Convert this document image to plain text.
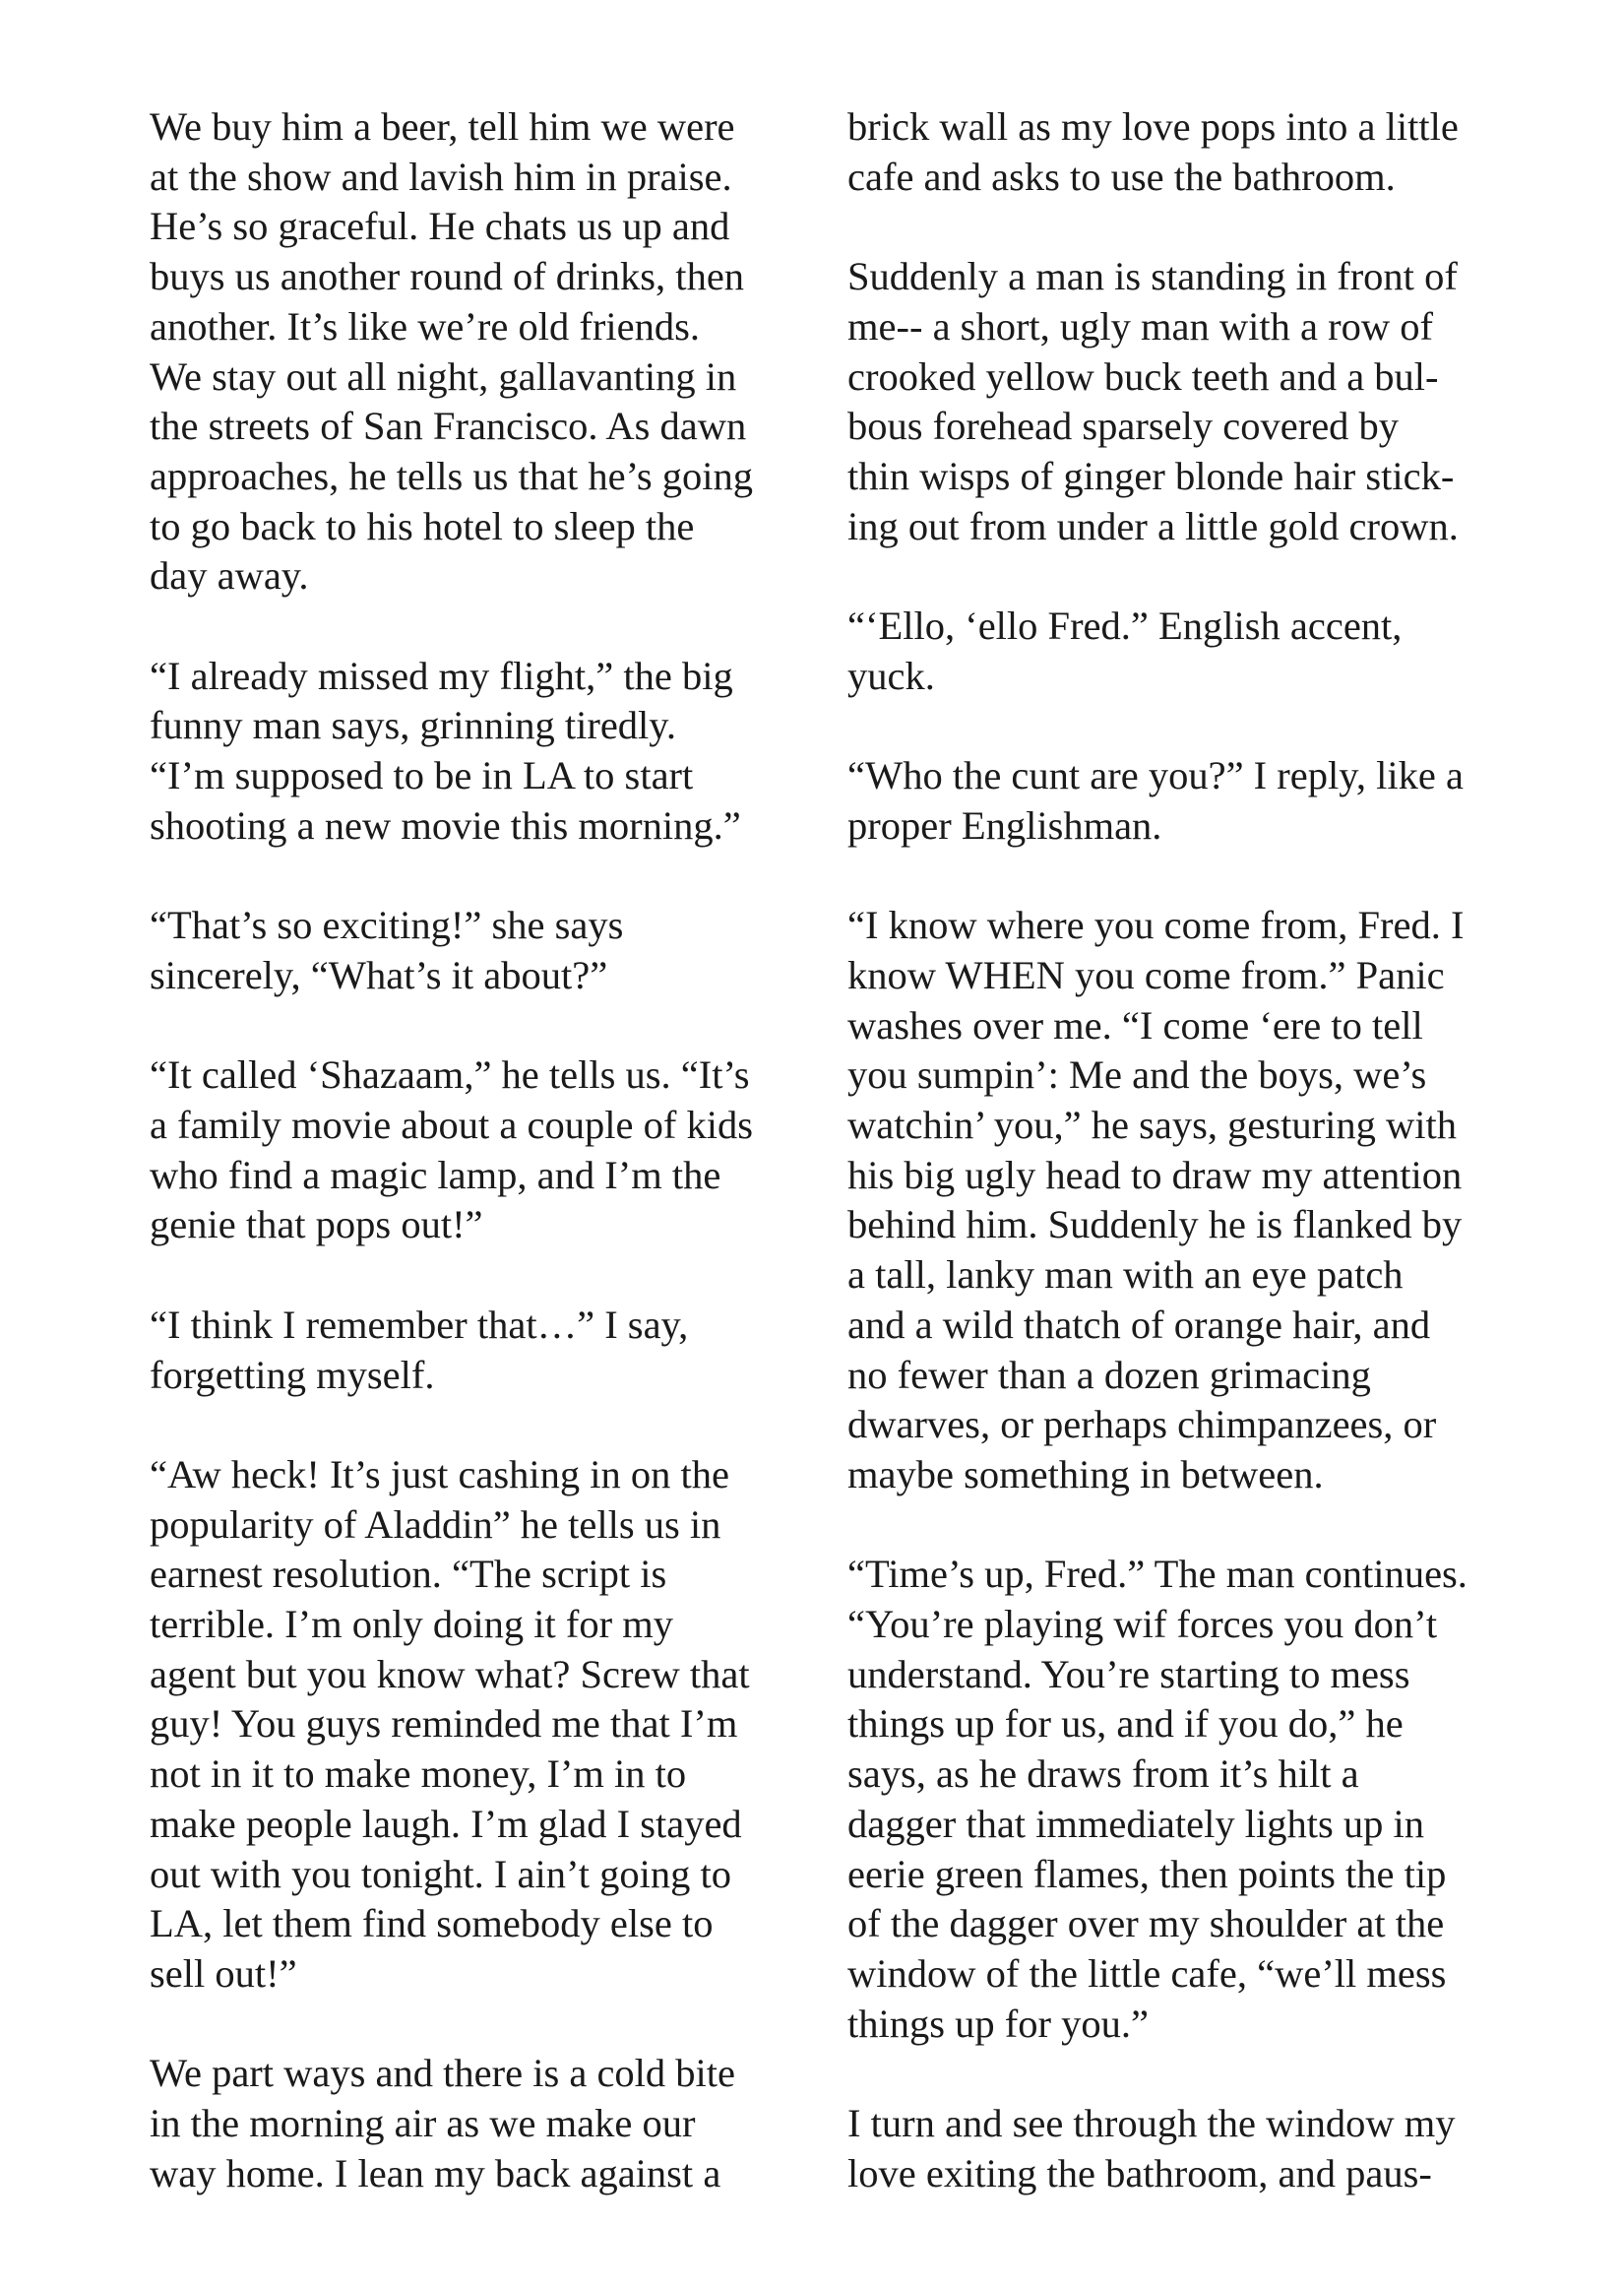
We buy him a beer, tell him we were
at the show and lavish him in praise.
He’s so graceful. He chats us up and
buys us another round of drinks, then
another. It’s like we’re old friends.
We stay out all night, gallavanting in
the streets of San Francisco. As dawn
approaches, he tells us that he’s going
to go back to his hotel to sleep the
day away.

“I already missed my flight,” the big
funny man says, grinning tiredly.
“I’m supposed to be in LA to start
shooting a new movie this morning.”

“That’s so exciting!” she says
sincerely, “What’s it about?”

“It called ‘Shazaam,” he tells us. “It’s
a family movie about a couple of kids
who find a magic lamp, and I’m the
genie that pops out!”

“I think I remember that…” I say,
forgetting myself.

“Aw heck! It’s just cashing in on the
popularity of Aladdin” he tells us in
earnest resolution. “The script is
terrible. I’m only doing it for my
agent but you know what? Screw that
guy! You guys reminded me that I’m
not in it to make money, I’m in to
make people laugh. I’m glad I stayed
out with you tonight. I ain’t going to
LA, let them find somebody else to
sell out!”

We part ways and there is a cold bite
in the morning air as we make our
way home. I lean my back against a

brick wall as my love pops into a little
cafe and asks to use the bathroom.

Suddenly a man is standing in front of
me-- a short, ugly man with a row of
crooked yellow buck teeth and a bul-
bous forehead sparsely covered by
thin wisps of ginger blonde hair stick-
ing out from under a little gold crown.

“‘Ello, ‘ello Fred.” English accent,
yuck.

“Who the cunt are you?” I reply, like a
proper Englishman.

“I know where you come from, Fred. I
know WHEN you come from.” Panic
washes over me. “I come ‘ere to tell
you sumpin’: Me and the boys, we’s
watchin’ you,” he says, gesturing with
his big ugly head to draw my attention
behind him. Suddenly he is flanked by
a tall, lanky man with an eye patch
and a wild thatch of orange hair, and
no fewer than a dozen grimacing
dwarves, or perhaps chimpanzees, or
maybe something in between.

“Time’s up, Fred.” The man continues.
“You’re playing wif forces you don’t
understand. You’re starting to mess
things up for us, and if you do,” he
says, as he draws from it’s hilt a
dagger that immediately lights up in
eerie green flames, then points the tip
of the dagger over my shoulder at the
window of the little cafe, “we’ll mess
things up for you.”

I turn and see through the window my
love exiting the bathroom, and paus-
